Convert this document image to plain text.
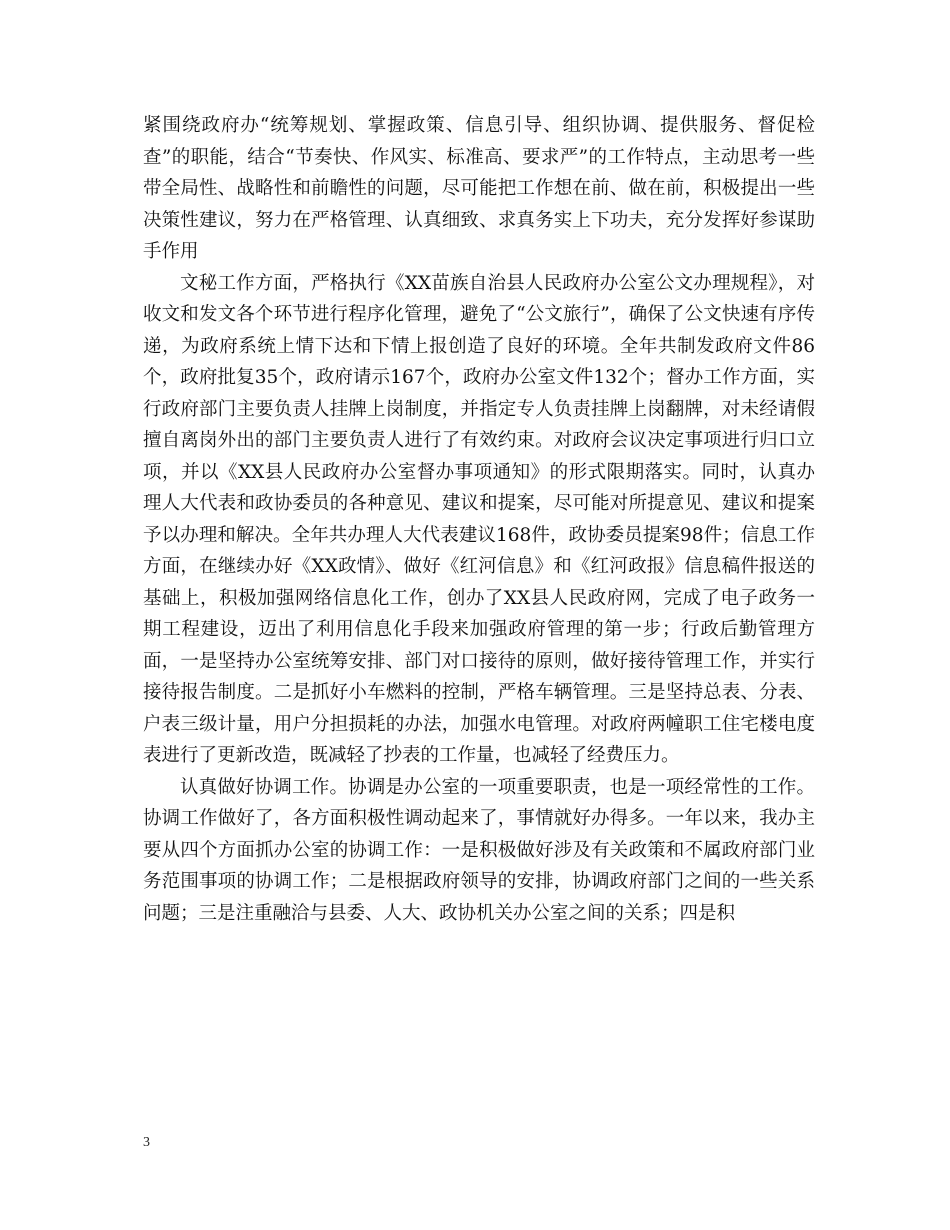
紧围绕政府办“统筹规划、掌握政策、信息引导、组织协调、提供服务、督促检查”的职能，结合“节奏快、作风实、标准高、要求严”的工作特点，主动思考一些带全局性、战略性和前瞻性的问题，尽可能把工作想在前、做在前，积极提出一些决策性建议，努力在严格管理、认真细致、求真务实上下功夫，充分发挥好参谋助手作用

文秘工作方面，严格执行《XX苗族自治县人民政府办公室公文办理规程》，对收文和发文各个环节进行程序化管理，避免了“公文旅行”，确保了公文快速有序传递，为政府系统上情下达和下情上报创造了良好的环境。全年共制发政府文件86个，政府批复35个，政府请示167个，政府办公室文件132个；督办工作方面，实行政府部门主要负责人挂牌上岗制度，并指定专人负责挂牌上岗翻牌，对未经请假擅自离岗外出的部门主要负责人进行了有效约束。对政府会议决定事项进行归口立项，并以《XX县人民政府办公室督办事项通知》的形式限期落实。同时，认真办理人大代表和政协委员的各种意见、建议和提案，尽可能对所提意见、建议和提案予以办理和解决。全年共办理人大代表建议168件，政协委员提案98件；信息工作方面，在继续办好《XX政情》、做好《红河信息》和《红河政报》信息稿件报送的基础上，积极加强网络信息化工作，创办了XX县人民政府网，完成了电子政务一期工程建设，迈出了利用信息化手段来加强政府管理的第一步；行政后勤管理方面，一是坚持办公室统筹安排、部门对口接待的原则，做好接待管理工作，并实行接待报告制度。二是抓好小车燃料的控制，严格车辆管理。三是坚持总表、分表、户表三级计量，用户分担损耗的办法，加强水电管理。对政府两幢职工住宅楼电度表进行了更新改造，既减轻了抄表的工作量，也减轻了经费压力。

认真做好协调工作。协调是办公室的一项重要职责，也是一项经常性的工作。协调工作做好了，各方面积极性调动起来了，事情就好办得多。一年以来，我办主要从四个方面抓办公室的协调工作：一是积极做好涉及有关政策和不属政府部门业务范围事项的协调工作；二是根据政府领导的安排，协调政府部门之间的一些关系问题；三是注重融洽与县委、人大、政协机关办公室之间的关系；四是积

3
